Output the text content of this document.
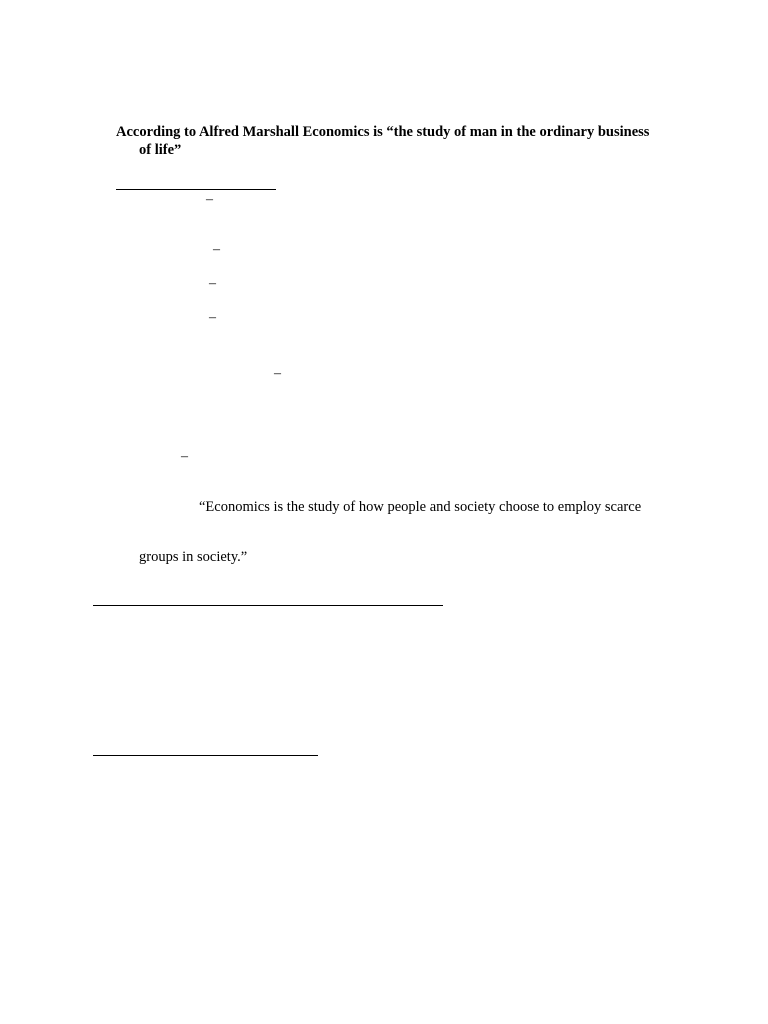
According to Alfred Marshall Economics is “the study of man in the ordinary business
of life”

–
–
–
–
–
–

“Economics is the study of how people and society choose to employ scarce

groups in society.”
